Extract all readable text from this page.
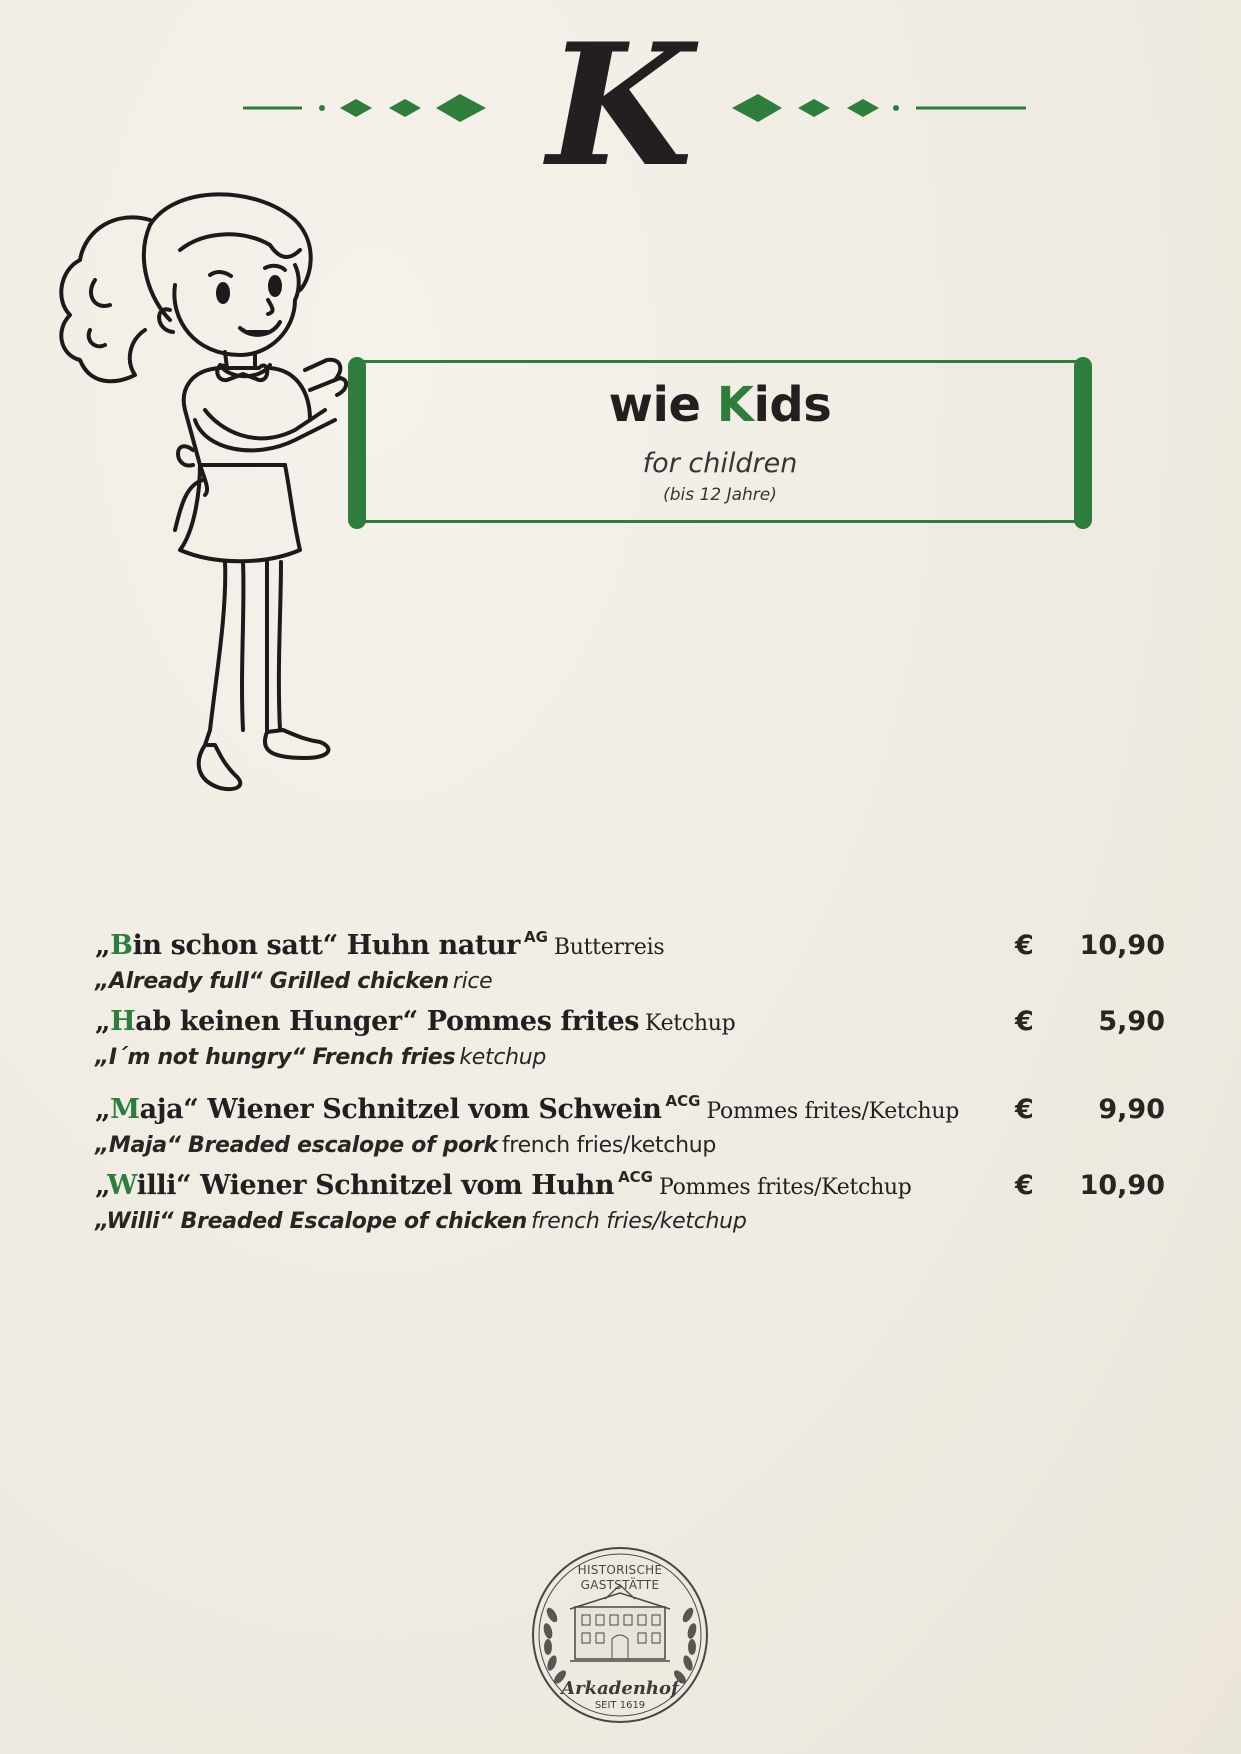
K
wie Kids
for children
(bis 12 Jahre)
„Bin schon satt“ Huhn natur AG Butterreis	€ 10,90
„Already full“ Grilled chicken rice
„Hab keinen Hunger“ Pommes frites Ketchup	€ 5,90
„I´m not hungry“ French fries ketchup
„Maja“ Wiener Schnitzel vom Schwein ACG Pommes frites/Ketchup	€ 9,90
„Maja“ Breaded escalope of pork french fries/ketchup
„Willi“ Wiener Schnitzel vom Huhn ACG Pommes frites/Ketchup	€ 10,90
„Willi“ Breaded Escalope of chicken french fries/ketchup
HISTORISCHE
GASTSTÄTTE
Arkadenhof
SEIT 1619
